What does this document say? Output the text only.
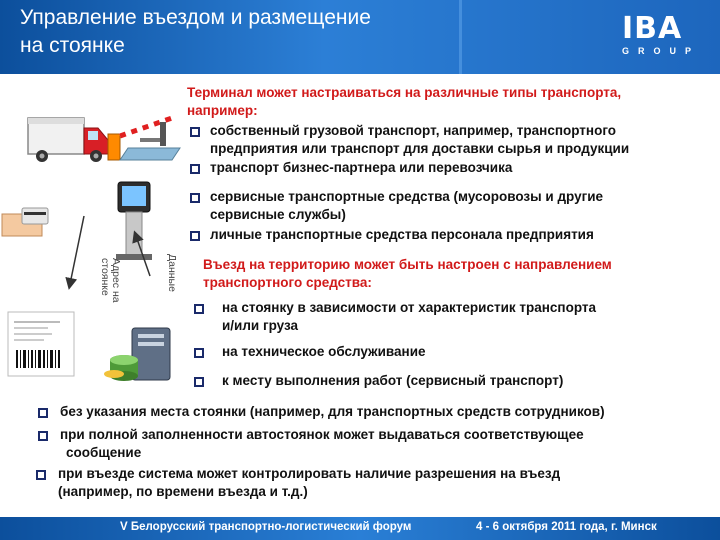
Управление въездом и размещение
на стоянке	IBA
GROUP
Адрес на стоянке	Данные
Терминал может настраиваться на различные типы транспорта,
например:
собственный грузовой транспорт, например, транспортного
предприятия или транспорт для доставки сырья и продукции
транспорт бизнес-партнера или перевозчика
сервисные транспортные средства (мусоровозы и другие
сервисные службы)
личные транспортные средства персонала предприятия
Въезд на территорию может быть настроен с направлением
транспортного средства:
на стоянку в зависимости от характеристик транспорта
и/или груза
на техническое обслуживание
к месту выполнения работ (сервисный транспорт)
без указания места стоянки (например, для транспортных средств сотрудников)
при полной заполненности автостоянок может выдаваться соответствующее
сообщение
при въезде система может контролировать наличие разрешения на въезд
(например, по времени въезда и т.д.)
V Белорусский транспортно-логистический форум	4 - 6 октября 2011 года, г. Минск
